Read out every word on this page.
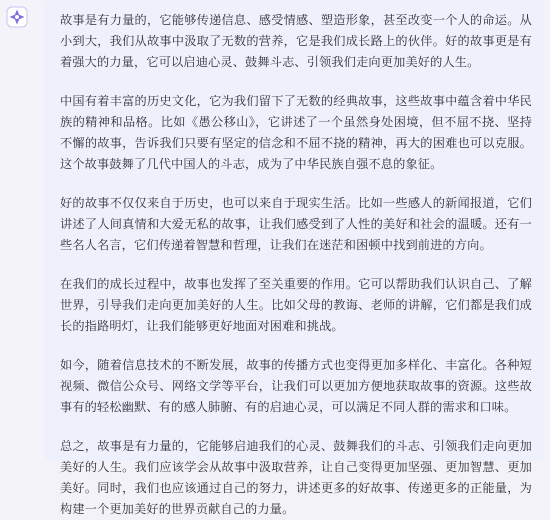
故事是有力量的，它能够传递信息、感受情感、塑造形象，甚至改变一个人的命运。从小到大，我们从故事中汲取了无数的营养，它是我们成长路上的伙伴。好的故事更是有着强大的力量，它可以启迪心灵、鼓舞斗志、引领我们走向更加美好的人生。

中国有着丰富的历史文化，它为我们留下了无数的经典故事，这些故事中蕴含着中华民族的精神和品格。比如《愚公移山》，它讲述了一个虽然身处困境，但不屈不挠、坚持不懈的故事，告诉我们只要有坚定的信念和不屈不挠的精神，再大的困难也可以克服。这个故事鼓舞了几代中国人的斗志，成为了中华民族自强不息的象征。

好的故事不仅仅来自于历史，也可以来自于现实生活。比如一些感人的新闻报道，它们讲述了人间真情和大爱无私的故事，让我们感受到了人性的美好和社会的温暖。还有一些名人名言，它们传递着智慧和哲理，让我们在迷茫和困顿中找到前进的方向。

在我们的成长过程中，故事也发挥了至关重要的作用。它可以帮助我们认识自己、了解世界，引导我们走向更加美好的人生。比如父母的教诲、老师的讲解，它们都是我们成长的指路明灯，让我们能够更好地面对困难和挑战。

如今，随着信息技术的不断发展，故事的传播方式也变得更加多样化、丰富化。各种短视频、微信公众号、网络文学等平台，让我们可以更加方便地获取故事的资源。这些故事有的轻松幽默、有的感人肺腑、有的启迪心灵，可以满足不同人群的需求和口味。

总之，故事是有力量的，它能够启迪我们的心灵、鼓舞我们的斗志、引领我们走向更加美好的人生。我们应该学会从故事中汲取营养，让自己变得更加坚强、更加智慧、更加美好。同时，我们也应该通过自己的努力，讲述更多的好故事、传递更多的正能量，为构建一个更加美好的世界贡献自己的力量。
